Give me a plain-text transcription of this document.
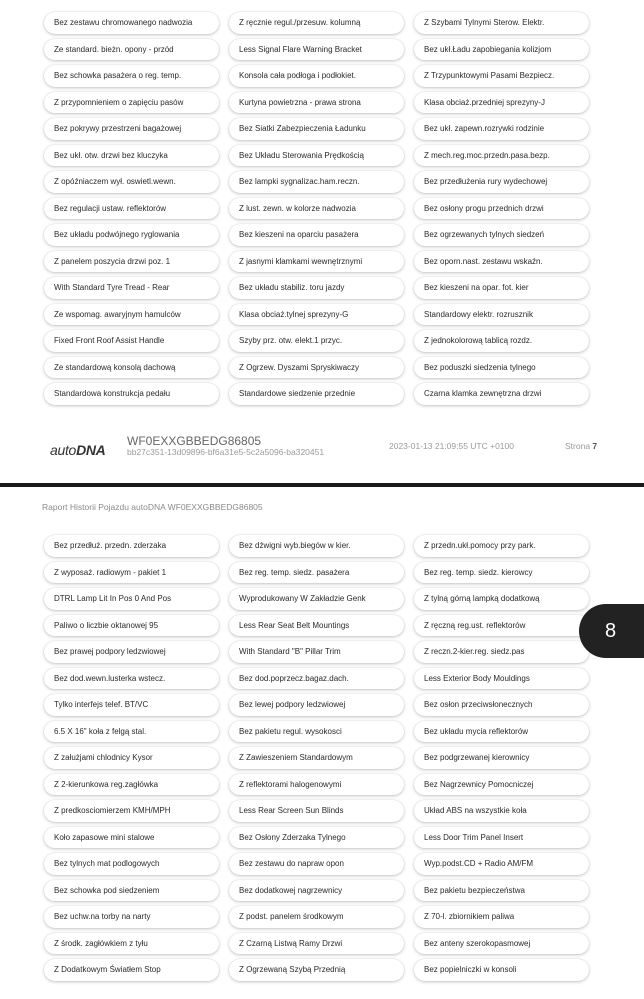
Bez zestawu chromowanego nadwozia	Z ręcznie regul./przesuw. kolumną	Z Szybami Tylnymi Sterow. Elektr.
Ze standard. bieżn. opony - przód	Less Signal Flare Warning Bracket	Bez ukł.Ładu zapobiegania kolizjom
Bez schowka pasażera o reg. temp.	Konsola cała podłoga i podłokiet.	Z Trzypunktowymi Pasami Bezpiecz.
Z przypomnieniem o zapięciu pasów	Kurtyna powietrzna - prawa strona	Klasa obciaż.przedniej sprezyny-J
Bez pokrywy przestrzeni bagażowej	Bez Siatki Zabezpieczenia Ładunku	Bez ukł. zapewn.rozrywki rodzinie
Bez ukł. otw. drzwi bez kluczyka	Bez Układu Sterowania Prędkością	Z mech.reg.moc.przedn.pasa.bezp.
Z opóźniaczem wył. oswietl.wewn.	Bez lampki sygnalizac.ham.reczn.	Bez przedłużenia rury wydechowej
Bez regulacji ustaw. reflektorów	Z lust. zewn. w kolorze nadwozia	Bez osłony progu przednich drzwi
Bez układu podwójnego ryglowania	Bez kieszeni na oparciu pasażera	Bez ogrzewanych tylnych siedzeń
Z panelem poszycia drzwi poz. 1	Z jasnymi klamkami wewnętrznymi	Bez oporn.nast. zestawu wskaźn.
With Standard Tyre Tread - Rear	Bez układu stabiliz. toru jazdy	Bez kieszeni na opar. fot. kier
Ze wspomag. awaryjnym hamulców	Klasa obciaż.tylnej sprezyny-G	Standardowy elektr. rozrusznik
Fixed Front Roof Assist Handle	Szyby prz. otw. elekt.1 przyc.	Z jednokolorową tablicą rozdz.
Ze standardową konsolą dachową	Z Ogrzew. Dyszami Spryskiwaczy	Bez poduszki siedzenia tylnego
Standardowa konstrukcja pedału	Standardowe siedzenie przednie	Czarna klamka zewnętrzna drzwi
autoDNA
WF0EXXGBBEDG86805
bb27c351-13d09896-bf6a31e5-5c2a5096-ba320451
2023-01-13 21:09:55 UTC +0100	Strona 7
Raport Historii Pojazdu autoDNA WF0EXXGBBEDG86805
Bez przedłuż. przedn. zderzaka	Bez dźwigni wyb.biegów w kier.	Z przedn.ukł.pomocy przy park.
Z wyposaż. radiowym - pakiet 1	Bez reg. temp. siedz. pasażera	Bez reg. temp. siedz. kierowcy
DTRL Lamp Lit In Pos 0 And Pos	Wyprodukowany W Zakładzie Genk	Z tylną górną lampką dodatkową
Paliwo o liczbie oktanowej 95	Less Rear Seat Belt Mountings	Z ręczną reg.ust. reflektorów
Bez prawej podpory ledzwiowej	With Standard "B" Pillar Trim	Z reczn.2-kier.reg. siedz.pas
Bez dod.wewn.lusterka wstecz.	Bez dod.poprzecz.bagaz.dach.	Less Exterior Body Mouldings
Tylko interfejs telef. BT/VC	Bez lewej podpory ledzwiowej	Bez osłon przeciwsłonecznych
6.5 X 16" koła z felgą stal.	Bez pakietu regul. wysokosci	Bez układu mycia reflektorów
Z załużjami chlodnicy Kysor	Z Zawieszeniem Standardowym	Bez podgrzewanej kierownicy
Z 2-kierunkowa reg.zagłówka	Z reflektorami halogenowymi	Bez Nagrzewnicy Pomocniczej
Z predkosciomierzem KMH/MPH	Less Rear Screen Sun Blinds	Układ ABS na wszystkie koła
Koło zapasowe mini stalowe	Bez Osłony Zderzaka Tylnego	Less Door Trim Panel Insert
Bez tylnych mat podlogowych	Bez zestawu do napraw opon	Wyp.podst.CD + Radio AM/FM
Bez schowka pod siedzeniem	Bez dodatkowej nagrzewnicy	Bez pakietu bezpieczeństwa
Bez uchw.na torby na narty	Z podst. panelem środkowym	Z 70-l. zbiornikiem paliwa
Z środk. zagłówkiem z tyłu	Z Czarną Listwą Ramy Drzwi	Bez anteny szerokopasmowej
Z Dodatkowym Światłem Stop	Z Ogrzewaną Szybą Przednią	Bez popielniczki w konsoli
8
